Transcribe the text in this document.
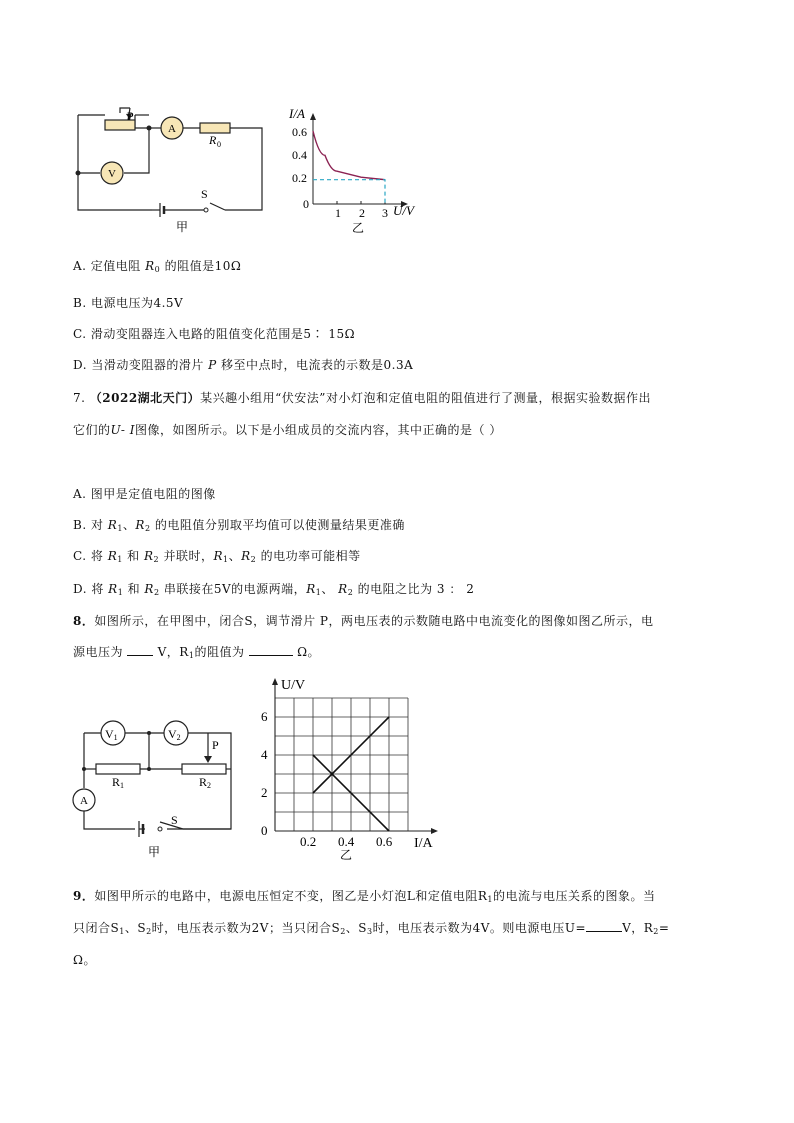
P
A
R 0
V
S
甲
I/A
U/V
0.6
0.4
0.2
0
1 2 3
乙
A. 定值电阻 $R_0$ 的阻值是10Ω
B. 电源电压为4.5V
C. 滑动变阻器连入电路的阻值变化范围是5∶ 15Ω
D. 当滑动变阻器的滑片 P 移至中点时，电流表的示数是0.3A
7. （2022湖北天门）某兴趣小组用“伏安法”对小灯泡和定值电阻的阻值进行了测量，根据实验数据作出
它们的U- I图像，如图所示。以下是小组成员的交流内容，其中正确的是（ ）
A. 图甲是定值电阻的图像
B. 对 $R_1$、$R_2$ 的电阻值分别取平均值可以使测量结果更准确
C. 将 $R_1$ 和 $R_2$ 并联时，$R_1$、$R_2$ 的电功率可能相等
D. 将 $R_1$ 和 $R_2$ 串联接在5V的电源两端，$R_1$、 $R_2$ 的电阻之比为 3 ： 2
8．如图所示，在甲图中，闭合S，调节滑片 P，两电压表的示数随电路中电流变化的图像如图乙所示，电
源电压为  V，$R_1$的阻值为	Ω。
V1	V2
P
R1	R2
A
S
甲
U/V
I/A
6
4
2
0
0.2 0.4 0.6
乙
9．如图甲所示的电路中，电源电压恒定不变，图乙是小灯泡L和定值电阻$R_1$的电流与电压关系的图象。当
只闭合$S_1$、$S_2$时，电压表示数为2V；当只闭合$S_2$、$S_3$时，电压表示数为4V。则电源电压U=	V，$R_2=$
Ω。
